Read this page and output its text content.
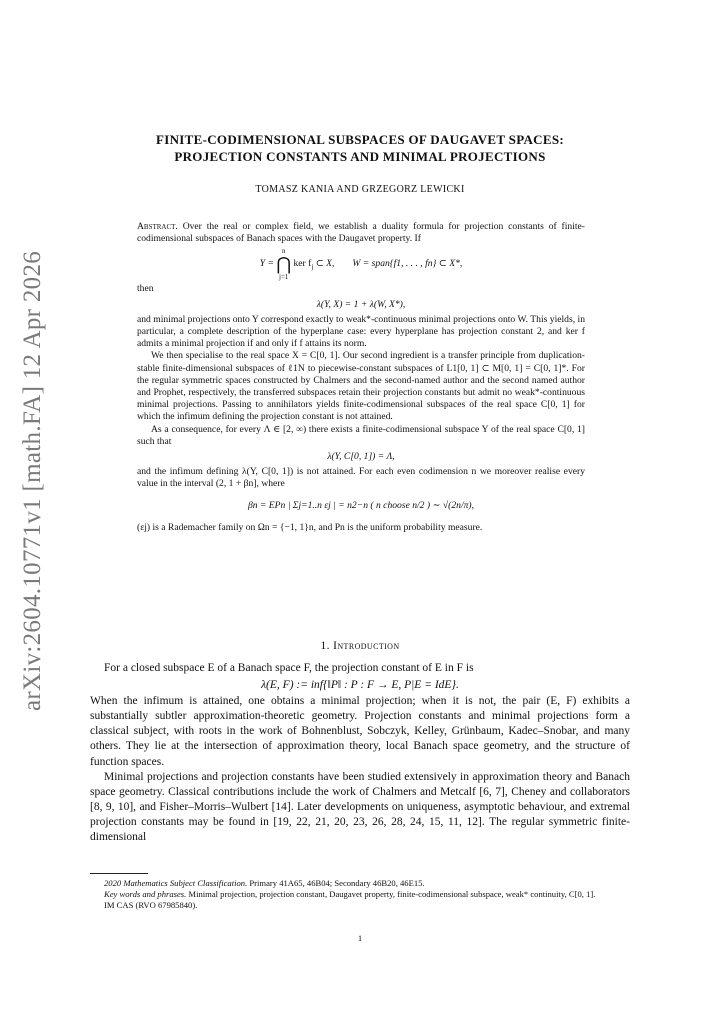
arXiv:2604.10771v1 [math.FA] 12 Apr 2026
FINITE-CODIMENSIONAL SUBSPACES OF DAUGAVET SPACES:
PROJECTION CONSTANTS AND MINIMAL PROJECTIONS
TOMASZ KANIA AND GRZEGORZ LEWICKI

Abstract. Over the real or complex field, we establish a duality formula for projection constants of finite-codimensional subspaces of Banach spaces with the Daugavet property. If

Y =
n
⋂
j=1
ker $f_j$ ⊂ X, W = span{f1, . . . , fn} ⊂ X*,

then

λ(Y, X) = 1 + λ(W, X*),

and minimal projections onto Y correspond exactly to weak*-continuous minimal projections onto W. This yields, in particular, a complete description of the hyperplane case: every hyperplane has projection constant 2, and ker f admits a minimal projection if and only if f attains its norm.

We then specialise to the real space X = C[0, 1]. Our second ingredient is a transfer principle from duplication-stable finite-dimensional subspaces of ℓ1N to piecewise-constant subspaces of L1[0, 1] ⊂ M[0, 1] = C[0, 1]*. For the regular symmetric spaces constructed by Chalmers and the second-named author and the second named author and Prophet, respectively, the transferred subspaces retain their projection constants but admit no weak*-continuous minimal projections. Passing to annihilators yields finite-codimensional subspaces of the real space C[0, 1] for which the infimum defining the projection constant is not attained.

As a consequence, for every Λ ∈ [2, ∞) there exists a finite-codimensional subspace Y of the real space C[0, 1] such that

λ(Y, C[0, 1]) = Λ,

and the infimum defining λ(Y, C[0, 1]) is not attained. For each even codimension n we moreover realise every value in the interval (2, 1 + βn], where

βn = EPn | Σj=1..n εj | = n2−n ( n choose n/2 ) ∼ √(2n/π),

(εj) is a Rademacher family on Ωn = {−1, 1}n, and Pn is the uniform probability measure.

1. Introduction

For a closed subspace E of a Banach space F, the projection constant of E in F is

λ(E, F) := inf{‖P‖ : P : F → E, P|E = IdE}.

When the infimum is attained, one obtains a minimal projection; when it is not, the pair (E, F) exhibits a substantially subtler approximation-theoretic geometry. Projection constants and minimal projections form a classical subject, with roots in the work of Bohnenblust, Sobczyk, Kelley, Grünbaum, Kadec–Snobar, and many others. They lie at the intersection of approximation theory, local Banach space geometry, and the structure of function spaces.

Minimal projections and projection constants have been studied extensively in approximation theory and Banach space geometry. Classical contributions include the work of Chalmers and Metcalf [6, 7], Cheney and collaborators [8, 9, 10], and Fisher–Morris–Wulbert [14]. Later developments on uniqueness, asymptotic behaviour, and extremal projection constants may be found in [19, 22, 21, 20, 23, 26, 28, 24, 15, 11, 12]. The regular symmetric finite-dimensional

2020 Mathematics Subject Classification. Primary 41A65, 46B04; Secondary 46B20, 46E15.

Key words and phrases. Minimal projection, projection constant, Daugavet property, finite-codimensional subspace, weak* continuity, C[0, 1].

IM CAS (RVO 67985840).

1
